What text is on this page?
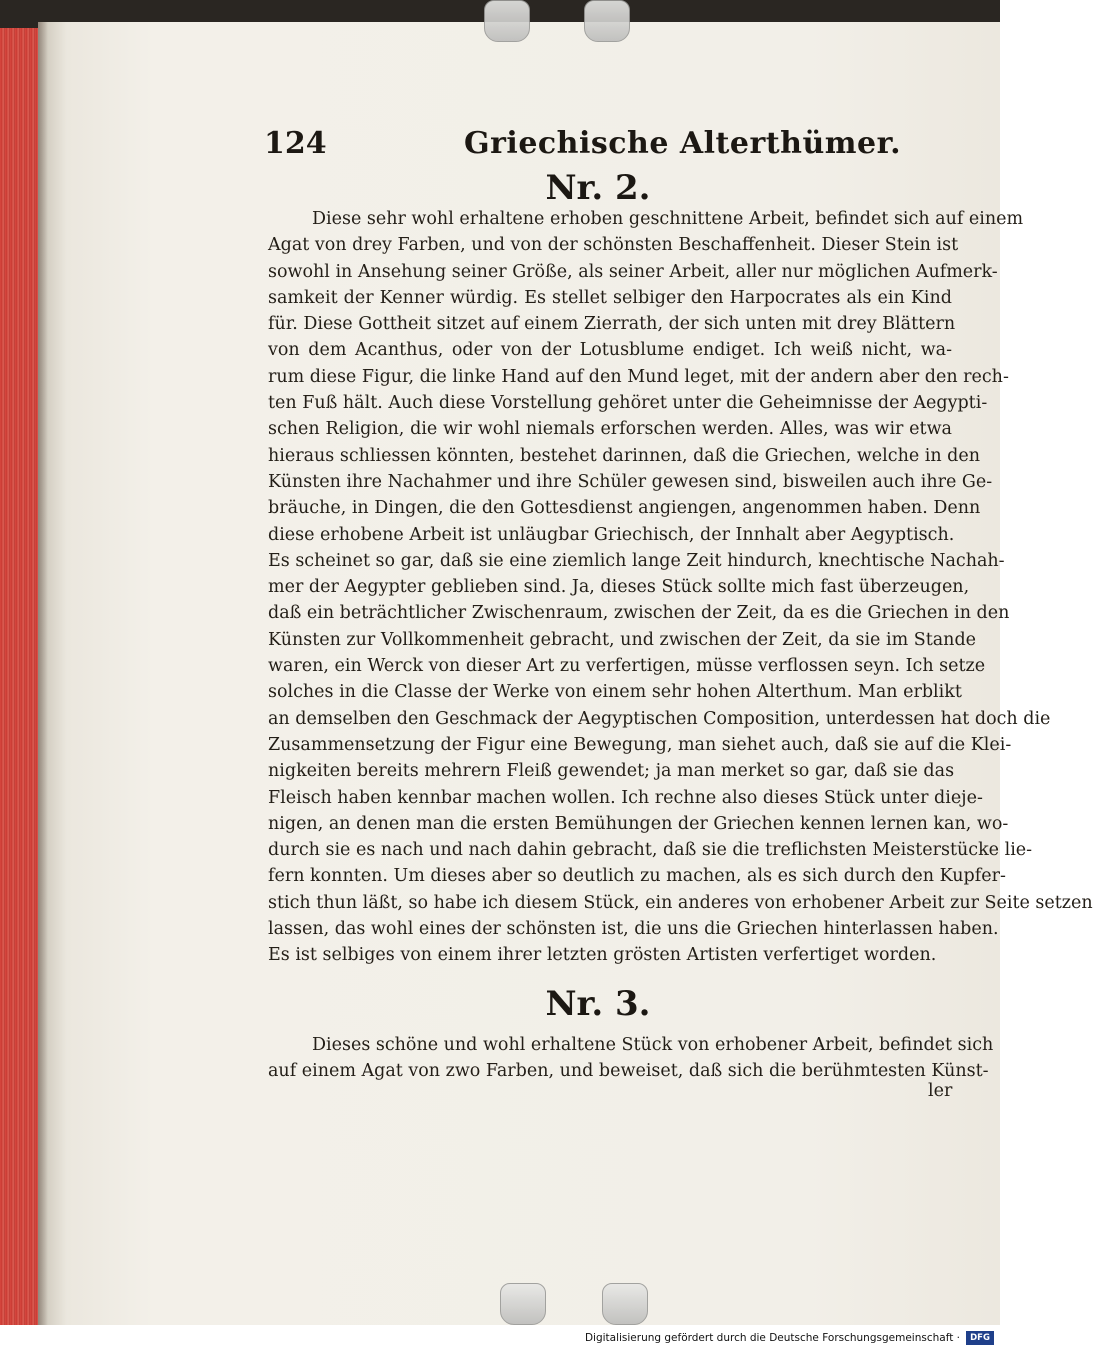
124	Griechische Alterthümer.
Nr. 2.
Diese sehr wohl erhaltene erhoben geschnittene Arbeit, befindet sich auf einem
Agat von drey Farben, und von der schönsten Beschaffenheit. Dieser Stein ist
sowohl in Ansehung seiner Größe, als seiner Arbeit, aller nur möglichen Aufmerk-
samkeit der Kenner würdig. Es stellet selbiger den Harpocrates als ein Kind
für. Diese Gottheit sitzet auf einem Zierrath, der sich unten mit drey Blättern
von dem Acanthus, oder von der Lotusblume endiget. Ich weiß nicht, wa-
rum diese Figur, die linke Hand auf den Mund leget, mit der andern aber den rech-
ten Fuß hält. Auch diese Vorstellung gehöret unter die Geheimnisse der Aegypti-
schen Religion, die wir wohl niemals erforschen werden. Alles, was wir etwa
hieraus schliessen könnten, bestehet darinnen, daß die Griechen, welche in den
Künsten ihre Nachahmer und ihre Schüler gewesen sind, bisweilen auch ihre Ge-
bräuche, in Dingen, die den Gottesdienst angiengen, angenommen haben. Denn
diese erhobene Arbeit ist unläugbar Griechisch, der Innhalt aber Aegyptisch.
Es scheinet so gar, daß sie eine ziemlich lange Zeit hindurch, knechtische Nachah-
mer der Aegypter geblieben sind. Ja, dieses Stück sollte mich fast überzeugen,
daß ein beträchtlicher Zwischenraum, zwischen der Zeit, da es die Griechen in den
Künsten zur Vollkommenheit gebracht, und zwischen der Zeit, da sie im Stande
waren, ein Werck von dieser Art zu verfertigen, müsse verflossen seyn. Ich setze
solches in die Classe der Werke von einem sehr hohen Alterthum. Man erblikt
an demselben den Geschmack der Aegyptischen Composition, unterdessen hat doch die
Zusammensetzung der Figur eine Bewegung, man siehet auch, daß sie auf die Klei-
nigkeiten bereits mehrern Fleiß gewendet; ja man merket so gar, daß sie das
Fleisch haben kennbar machen wollen. Ich rechne also dieses Stück unter dieje-
nigen, an denen man die ersten Bemühungen der Griechen kennen lernen kan, wo-
durch sie es nach und nach dahin gebracht, daß sie die treflichsten Meisterstücke lie-
fern konnten. Um dieses aber so deutlich zu machen, als es sich durch den Kupfer-
stich thun läßt, so habe ich diesem Stück, ein anderes von erhobener Arbeit zur Seite setzen
lassen, das wohl eines der schönsten ist, die uns die Griechen hinterlassen haben.
Es ist selbiges von einem ihrer letzten grösten Artisten verfertiget worden.
Nr. 3.
Dieses schöne und wohl erhaltene Stück von erhobener Arbeit, befindet sich
auf einem Agat von zwo Farben, und beweiset, daß sich die berühmtesten Künst-
ler
Digitalisierung gefördert durch die Deutsche Forschungsgemeinschaft ·	DFG
